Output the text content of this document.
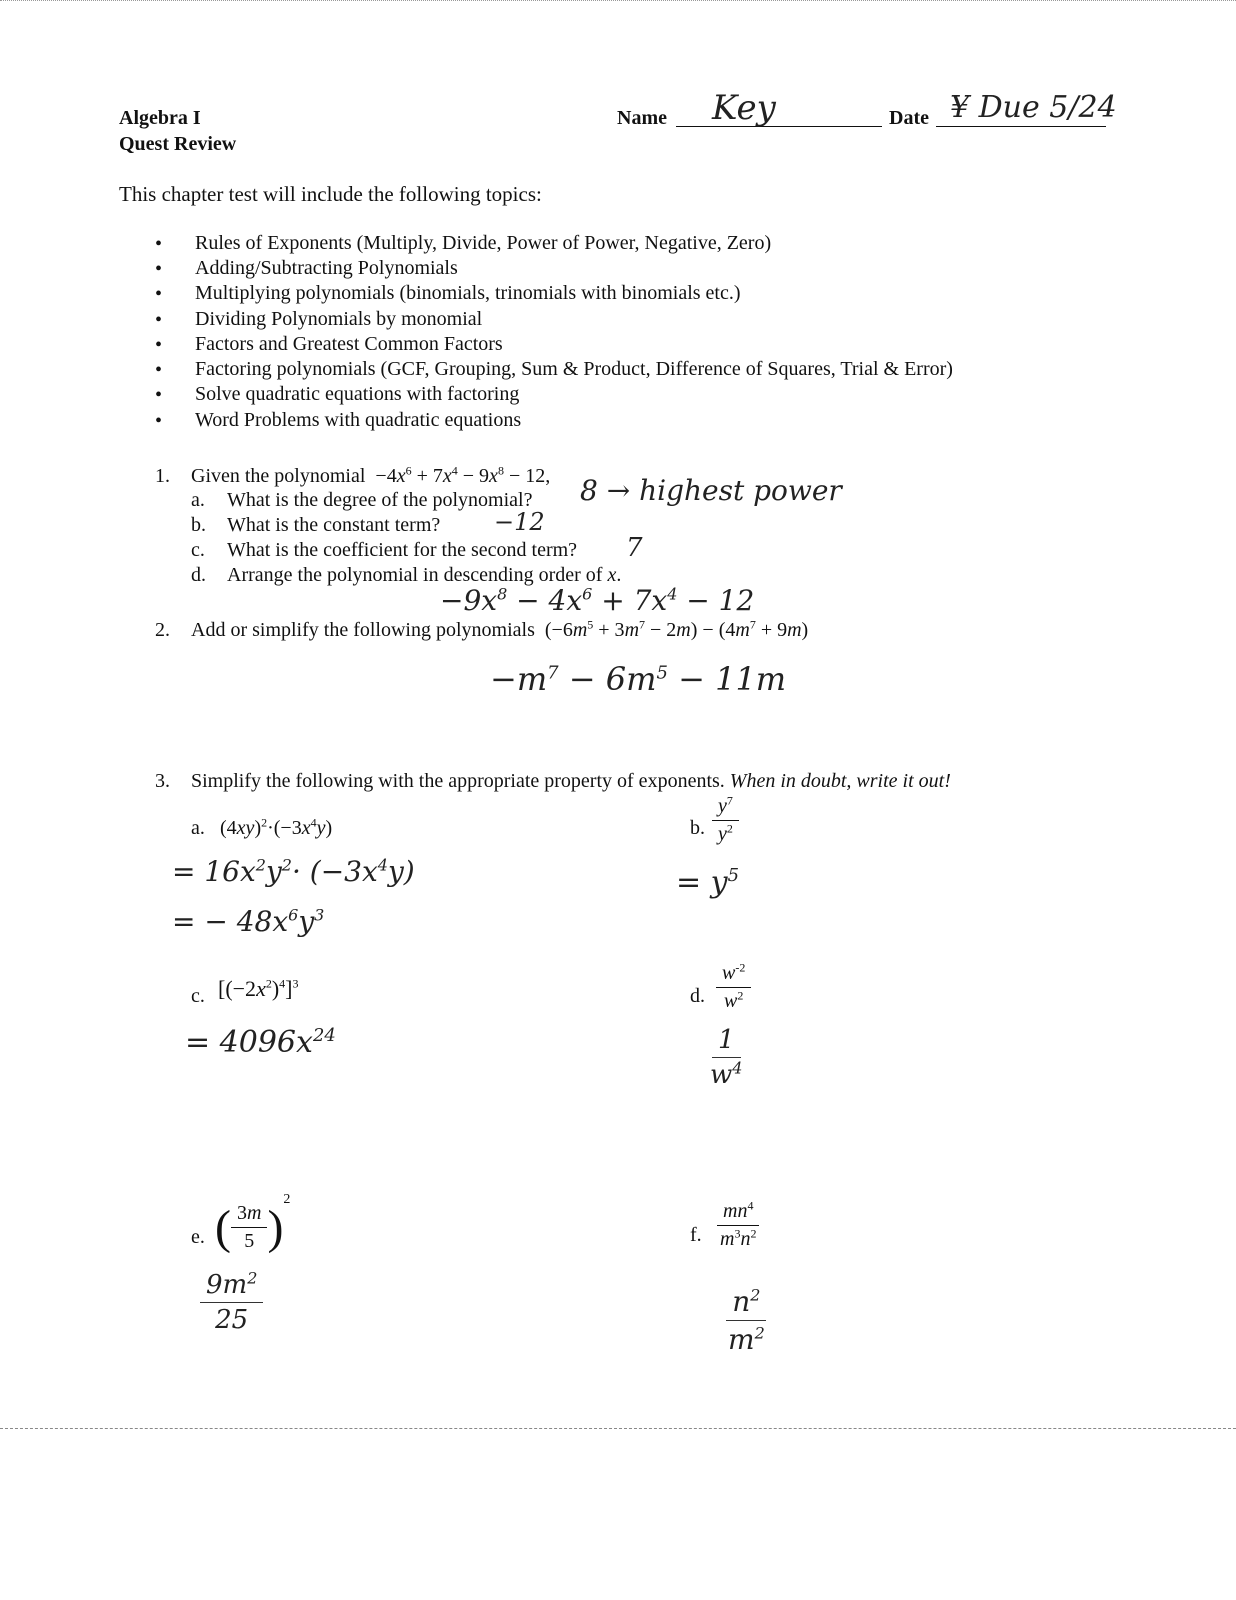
Algebra I
Quest Review
Name Key	Date ¥ Due 5/24
This chapter test will include the following topics:
• Rules of Exponents (Multiply, Divide, Power of Power, Negative, Zero)
• Adding/Subtracting Polynomials
• Multiplying polynomials (binomials, trinomials with binomials etc.)
• Dividing Polynomials by monomial
• Factors and Greatest Common Factors
• Factoring polynomials (GCF, Grouping, Sum & Product, Difference of Squares, Trial & Error)
• Solve quadratic equations with factoring
• Word Problems with quadratic equations
1. Given the polynomial  $-4x^6 + 7x^4 - 9x^8 - 12$,
a. What is the degree of the polynomial? 8 → highest power
b. What is the constant term? −12
c. What is the coefficient for the second term? 7
d. Arrange the polynomial in descending order of x.
$-9x^8 - 4x^6 + 7x^4 - 12$
2. Add or simplify the following polynomials  $(-6m^5 + 3m^7 - 2m) - (4m^7 + 9m)$
$-m^7 - 6m^5 - 11m$
3. Simplify the following with the appropriate property of exponents. When in doubt, write it out!
a. $(4xy)^2\cdot(-3x^4y)$
= $16x^2y^2\cdot (-3x^4y)$
= − $48x^6y^3$
b. $\frac{y^7}{y^2}$
= $y^5$
c. $[(-2x^2)^4]^3$
= $4096x^{24}$
d. $\frac{w^{-2}}{w^2}$
$\frac{1}{w^4}$
e. ( $\frac{3m}{5} )^2$
$\frac{9m^2}{25}$
f. $\frac{mn^4}{m^3n^2}$
$\frac{n^2}{m^2}$
